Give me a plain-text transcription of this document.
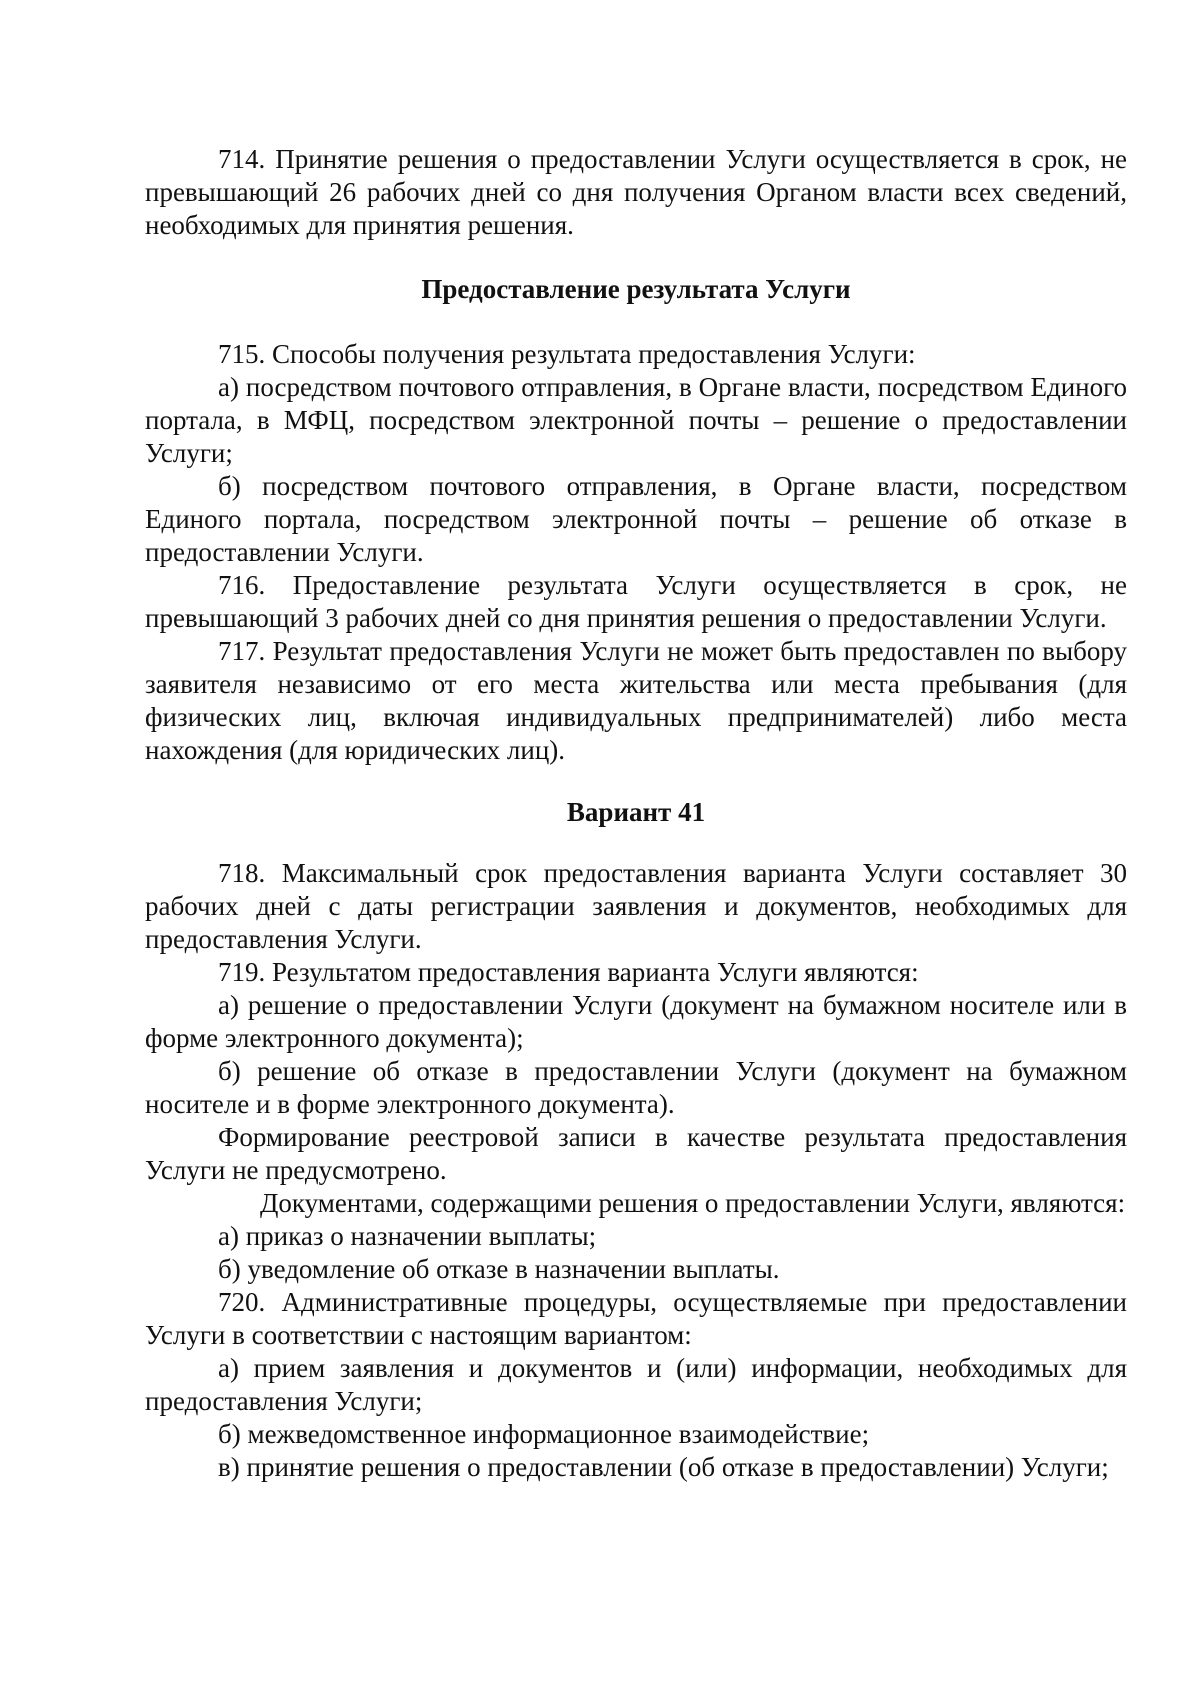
714. Принятие решения о предоставлении Услуги осуществляется в срок, не превышающий 26 рабочих дней со дня получения Органом власти всех сведений, необходимых для принятия решения.

Предоставление результата Услуги

715. Способы получения результата предоставления Услуги:

а) посредством почтового отправления, в Органе власти, посредством Единого портала, в МФЦ, посредством электронной почты – решение о предоставлении Услуги;

б) посредством почтового отправления, в Органе власти, посредством Единого портала, посредством электронной почты – решение об отказе в предоставлении Услуги.

716. Предоставление результата Услуги осуществляется в срок, не превышающий 3 рабочих дней со дня принятия решения о предоставлении Услуги.

717. Результат предоставления Услуги не может быть предоставлен по выбору заявителя независимо от его места жительства или места пребывания (для физических лиц, включая индивидуальных предпринимателей) либо места нахождения (для юридических лиц).

Вариант 41

718. Максимальный срок предоставления варианта Услуги составляет 30 рабочих дней с даты регистрации заявления и документов, необходимых для предоставления Услуги.

719. Результатом предоставления варианта Услуги являются:

а) решение о предоставлении Услуги (документ на бумажном носителе или в форме электронного документа);

б) решение об отказе в предоставлении Услуги (документ на бумажном носителе и в форме электронного документа).

Формирование реестровой записи в качестве результата предоставления Услуги не предусмотрено.

Документами, содержащими решения о предоставлении Услуги, являются:

а) приказ о назначении выплаты;

б) уведомление об отказе в назначении выплаты.

720. Административные процедуры, осуществляемые при предоставлении Услуги в соответствии с настоящим вариантом:

а) прием заявления и документов и (или) информации, необходимых для предоставления Услуги;

б) межведомственное информационное взаимодействие;

в) принятие решения о предоставлении (об отказе в предоставлении) Услуги;
